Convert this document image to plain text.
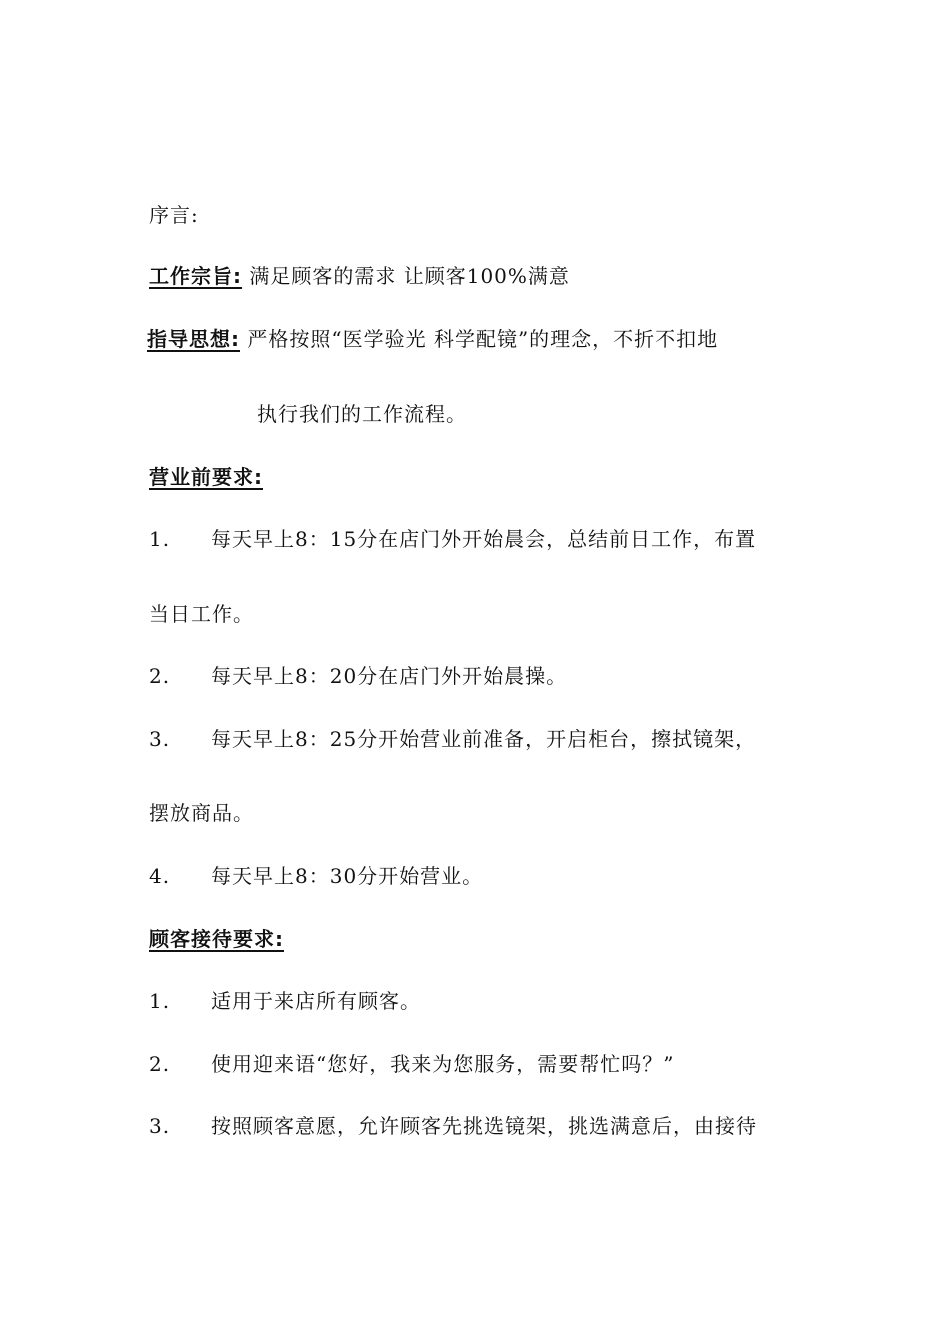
序言:
工作宗旨: 满足顾客的需求 让顾客100%满意
指导思想: 严格按照“医学验光 科学配镜”的理念，不折不扣地
执行我们的工作流程。
营业前要求:
1. 每天早上8：15分在店门外开始晨会，总结前日工作，布置
当日工作。
2. 每天早上8：20分在店门外开始晨操。
3. 每天早上8：25分开始营业前准备，开启柜台，擦拭镜架，
摆放商品。
4. 每天早上8：30分开始营业。
顾客接待要求:
1. 适用于来店所有顾客。
2. 使用迎来语“您好，我来为您服务，需要帮忙吗？”
3. 按照顾客意愿，允许顾客先挑选镜架，挑选满意后，由接待
